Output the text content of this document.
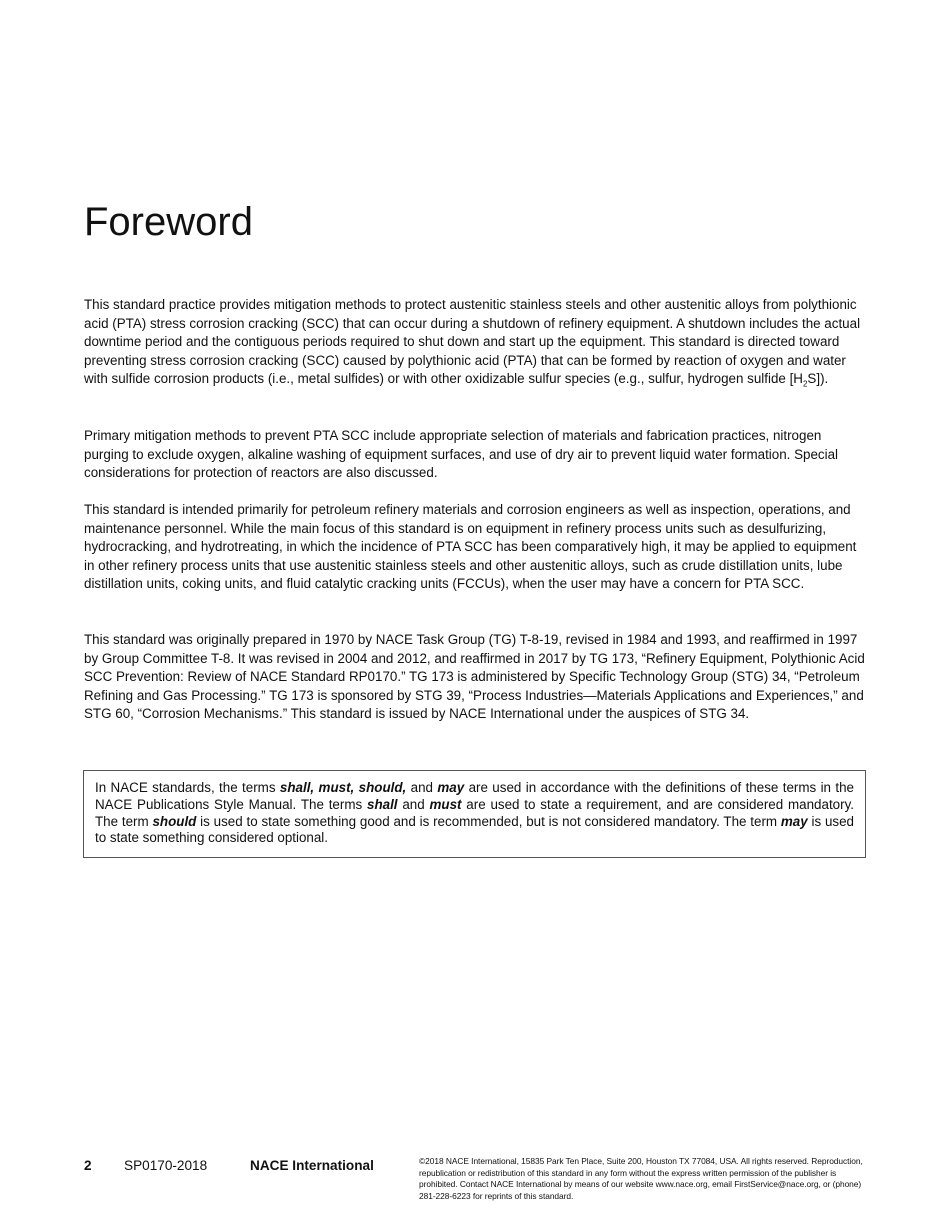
Foreword

This standard practice provides mitigation methods to protect austenitic stainless steels and other austenitic alloys from polythionic acid (PTA) stress corrosion cracking (SCC) that can occur during a shutdown of refinery equipment. A shutdown includes the actual downtime period and the contiguous periods required to shut down and start up the equipment. This standard is directed toward preventing stress corrosion cracking (SCC) caused by polythionic acid (PTA) that can be formed by reaction of oxygen and water with sulfide corrosion products (i.e., metal sulfides) or with other oxidizable sulfur species (e.g., sulfur, hydrogen sulfide $[H_2S]$).

Primary mitigation methods to prevent PTA SCC include appropriate selection of materials and fabrication practices, nitrogen purging to exclude oxygen, alkaline washing of equipment surfaces, and use of dry air to prevent liquid water formation. Special considerations for protection of reactors are also discussed.

This standard is intended primarily for petroleum refinery materials and corrosion engineers as well as inspection, operations, and maintenance personnel. While the main focus of this standard is on equipment in refinery process units such as desulfurizing, hydrocracking, and hydrotreating, in which the incidence of PTA SCC has been comparatively high, it may be applied to equipment in other refinery process units that use austenitic stainless steels and other austenitic alloys, such as crude distillation units, lube distillation units, coking units, and fluid catalytic cracking units (FCCUs), when the user may have a concern for PTA SCC.

This standard was originally prepared in 1970 by NACE Task Group (TG) T-8-19, revised in 1984 and 1993, and reaffirmed in 1997 by Group Committee T-8. It was revised in 2004 and 2012, and reaffirmed in 2017 by TG 173, “Refinery Equipment, Polythionic Acid SCC Prevention: Review of NACE Standard RP0170.” TG 173 is administered by Specific Technology Group (STG) 34, “Petroleum Refining and Gas Processing.” TG 173 is sponsored by STG 39, “Process Industries—Materials Applications and Experiences,” and STG 60, “Corrosion Mechanisms.” This standard is issued by NACE International under the auspices of STG 34.

In NACE standards, the terms shall, must, should, and may are used in accordance with the definitions of these terms in the NACE Publications Style Manual. The terms shall and must are used to state a requirement, and are considered mandatory. The term should is used to state something good and is recommended, but is not considered mandatory. The term may is used to state something considered optional.
2 SP0170-2018	NACE International	©2018 NACE International, 15835 Park Ten Place, Suite 200, Houston TX 77084, USA. All rights reserved. Reproduction, republication or redistribution of this standard in any form without the express written permission of the publisher is prohibited. Contact NACE International by means of our website www.nace.org, email FirstService@nace.org, or (phone) 281-228-6223 for reprints of this standard.
